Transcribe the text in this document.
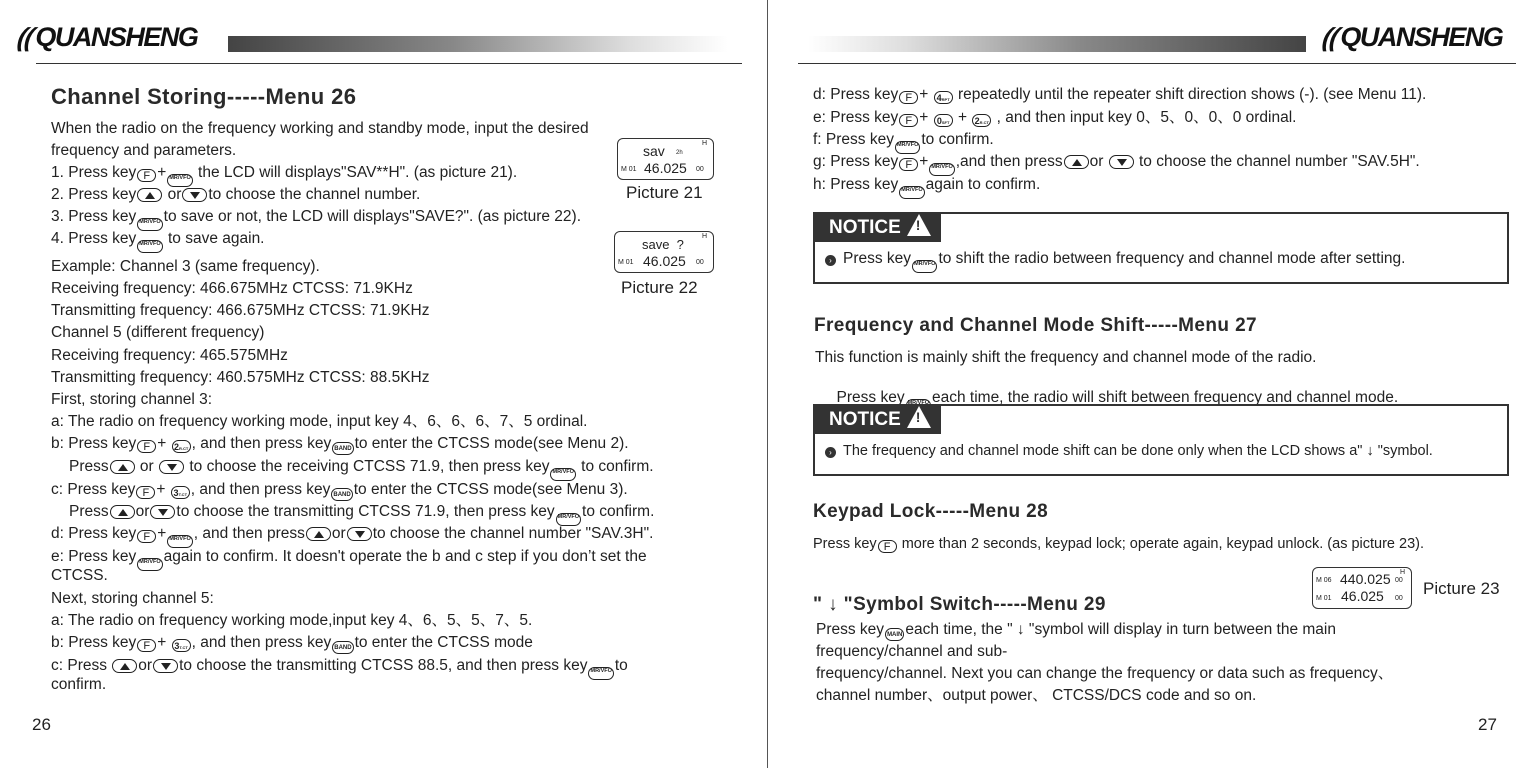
((QUANSHENG
Channel Storing-----Menu 26
When the radio on the frequency working and standby mode, input the desired
frequency and parameters.
1. Press key F + MR/VFO the LCD will displays"SAV**H". (as picture 21).
2. Press key or to choose the channel number.
3. Press key MR/VFO to save or not, the LCD will displays"SAVE?". (as picture 22).
4. Press key MR/VFO to save again.
Example: Channel 3 (same frequency).
Receiving frequency: 466.675MHz CTCSS: 71.9KHz
Transmitting frequency: 466.675MHz CTCSS: 71.9KHz
Channel 5 (different frequency)
Receiving frequency: 465.575MHz
Transmitting frequency: 460.575MHz CTCSS: 88.5KHz
First, storing channel 3:
a: The radio on frequency working mode, input key 4、6、6、6、7、5 ordinal.
b: Press key F + 2R.CT , and then press key BAND to enter the CTCSS mode(see Menu 2).
Press or  to choose the receiving CTCSS 71.9, then press key MR/VFO to confirm.
c: Press key F + 3T.CT , and then press key BAND to enter the CTCSS mode(see Menu 3).
Press or to choose the transmitting CTCSS 71.9, then press key MR/VFO to confirm.
d: Press key F + MR/VFO , and then press or to choose the channel number "SAV.3H".
e: Press key MR/VFO again to confirm. It doesn't operate the b and c step if you don’t set the
CTCSS.
Next, storing channel 5:
a: The radio on frequency working mode,input key 4、6、5、5、7、5.
b: Press key F + 3T.CT , and then press key BAND to enter the CTCSS mode
c: Press or to choose the transmitting CTCSS 88.5, and then press key MR/VFO to
confirm.
H
sav 2h
M 01 46.025 00
Picture 21
H
save  ?
M 01 46.025 00
Picture 22
26
((QUANSHENG
d: Press key F + 4RPT repeatedly until the repeater shift direction shows (-). (see Menu 11).
e: Press key F + 0SFT + 2R.CT , and then input key 0、5、0、0、0 ordinal.
f: Press key MR/VFO to confirm.
g: Press key F + MR/VFO ,and then press or  to choose the channel number "SAV.5H".
h: Press key MR/VFO again to confirm.
NOTICE !
› Press key MR/VFO to shift the radio between frequency and channel mode after setting.
Frequency and Channel Mode Shift-----Menu 27
This function is mainly shift the frequency and channel mode of the radio.

Press key MR/VFO each time, the radio will shift between frequency and channel mode.

NOTICE !
› The frequency and channel mode shift can be done only when the LCD shows a" ↓ "symbol.
Keypad Lock-----Menu 28
Press key F more than 2 seconds, keypad lock; operate again, keypad unlock. (as picture 23).
" ↓ "Symbol Switch-----Menu 29
Press key MAIN each time, the " ↓ "symbol will display in turn between the main
frequency/channel and sub-
frequency/channel. Next you can change the frequency or data such as frequency、
channel number、output power、 CTCSS/DCS code and so on.
H
M 06 440.025 00
M 01 46.025 00
Picture 23
27
